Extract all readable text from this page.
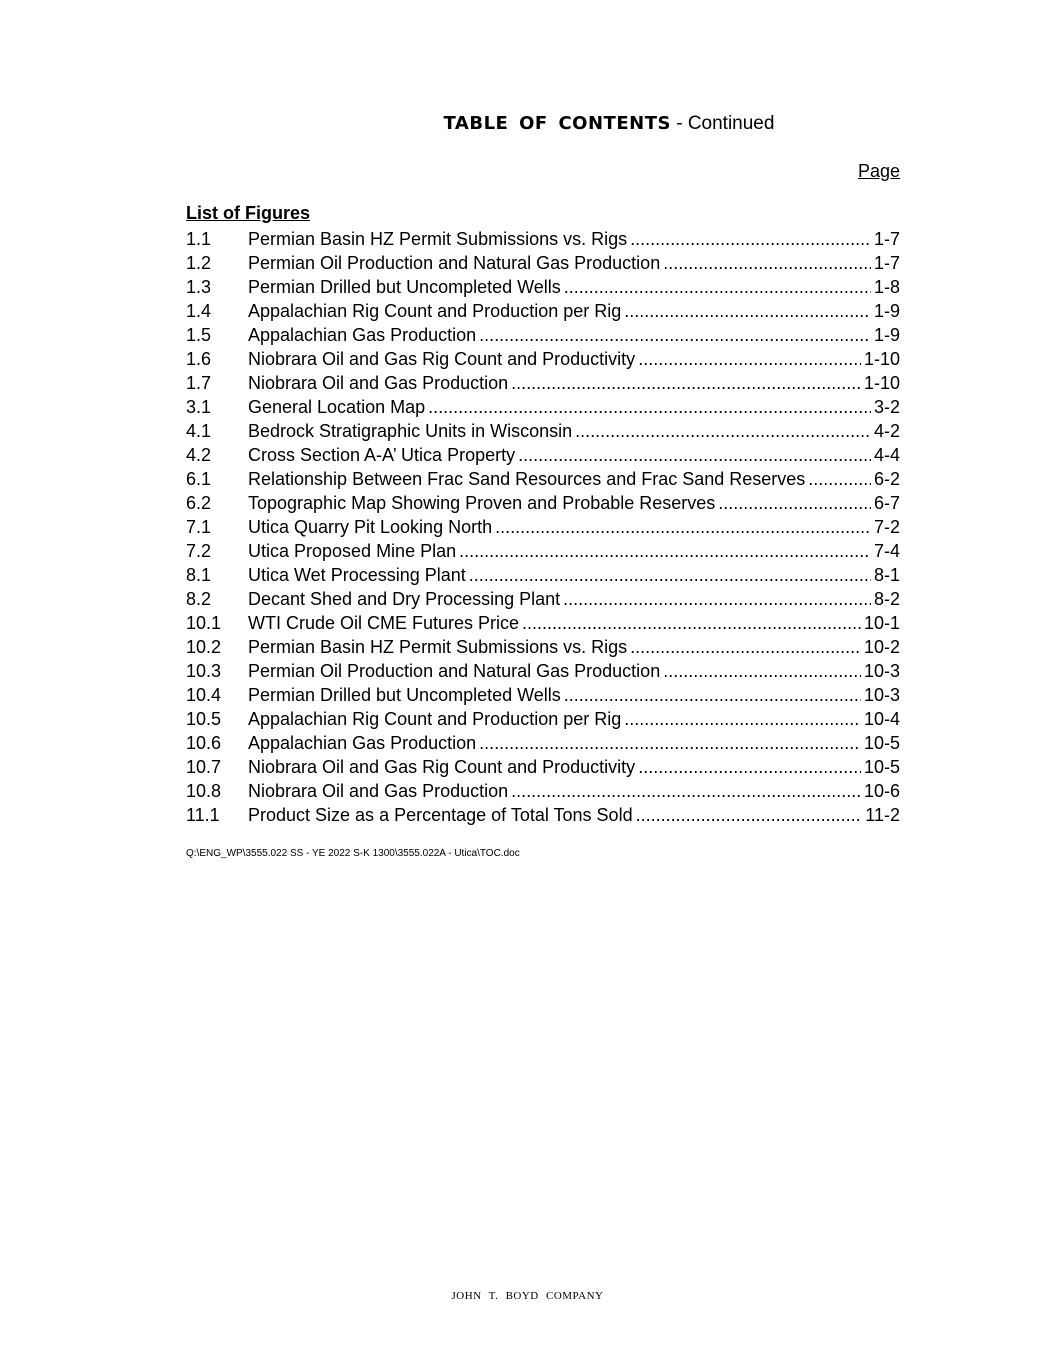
TABLE OF CONTENTS - Continued
Page
List of Figures
1.1	Permian Basin HZ Permit Submissions vs. Rigs .....	1-7
1.2	Permian Oil Production and Natural Gas Production .....	1-7
1.3	Permian Drilled but Uncompleted Wells .....	1-8
1.4	Appalachian Rig Count and Production per Rig .....	1-9
1.5	Appalachian Gas Production .....	1-9
1.6	Niobrara Oil and Gas Rig Count and Productivity .....	1-10
1.7	Niobrara Oil and Gas Production .....	1-10
3.1	General Location Map .....	3-2
4.1	Bedrock Stratigraphic Units in Wisconsin .....	4-2
4.2	Cross Section A-A’ Utica Property .....	4-4
6.1	Relationship Between Frac Sand Resources and Frac Sand Reserves .....	6-2
6.2	Topographic Map Showing Proven and Probable Reserves .....	6-7
7.1	Utica Quarry Pit Looking North .....	7-2
7.2	Utica Proposed Mine Plan .....	7-4
8.1	Utica Wet Processing Plant .....	8-1
8.2	Decant Shed and Dry Processing Plant .....	8-2
10.1	WTI Crude Oil CME Futures Price .....	10-1
10.2	Permian Basin HZ Permit Submissions vs. Rigs .....	10-2
10.3	Permian Oil Production and Natural Gas Production .....	10-3
10.4	Permian Drilled but Uncompleted Wells .....	10-3
10.5	Appalachian Rig Count and Production per Rig .....	10-4
10.6	Appalachian Gas Production .....	10-5
10.7	Niobrara Oil and Gas Rig Count and Productivity .....	10-5
10.8	Niobrara Oil and Gas Production .....	10-6
11.1	Product Size as a Percentage of Total Tons Sold .....	11-2
Q:\ENG_WP\3555.022 SS - YE 2022 S-K 1300\3555.022A - Utica\TOC.doc
JOHN T. BOYD COMPANY
